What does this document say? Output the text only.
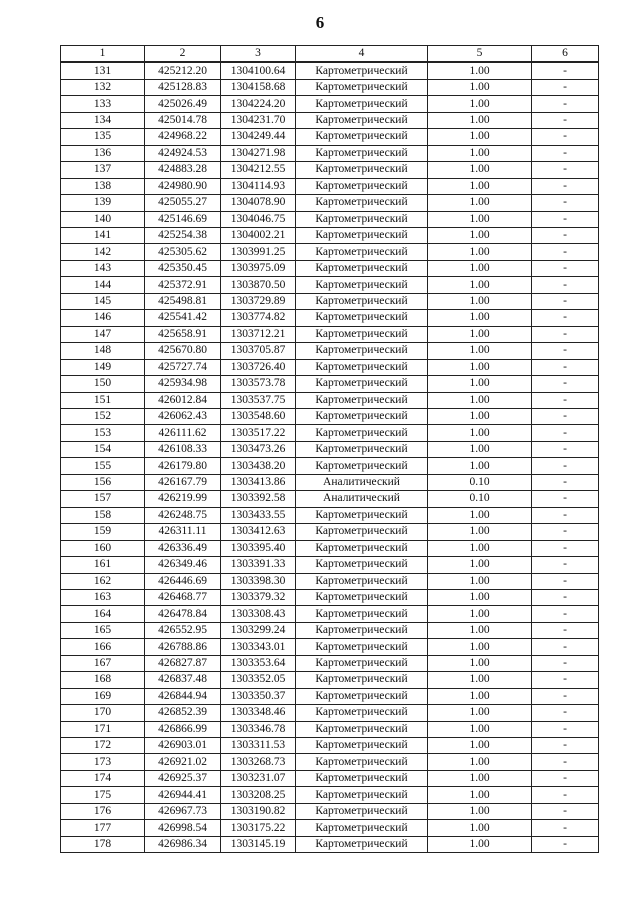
6
1	2	3	4	5	6
131	425212.20	1304100.64	Картометрический	1.00	-
132	425128.83	1304158.68	Картометрический	1.00	-
133	425026.49	1304224.20	Картометрический	1.00	-
134	425014.78	1304231.70	Картометрический	1.00	-
135	424968.22	1304249.44	Картометрический	1.00	-
136	424924.53	1304271.98	Картометрический	1.00	-
137	424883.28	1304212.55	Картометрический	1.00	-
138	424980.90	1304114.93	Картометрический	1.00	-
139	425055.27	1304078.90	Картометрический	1.00	-
140	425146.69	1304046.75	Картометрический	1.00	-
141	425254.38	1304002.21	Картометрический	1.00	-
142	425305.62	1303991.25	Картометрический	1.00	-
143	425350.45	1303975.09	Картометрический	1.00	-
144	425372.91	1303870.50	Картометрический	1.00	-
145	425498.81	1303729.89	Картометрический	1.00	-
146	425541.42	1303774.82	Картометрический	1.00	-
147	425658.91	1303712.21	Картометрический	1.00	-
148	425670.80	1303705.87	Картометрический	1.00	-
149	425727.74	1303726.40	Картометрический	1.00	-
150	425934.98	1303573.78	Картометрический	1.00	-
151	426012.84	1303537.75	Картометрический	1.00	-
152	426062.43	1303548.60	Картометрический	1.00	-
153	426111.62	1303517.22	Картометрический	1.00	-
154	426108.33	1303473.26	Картометрический	1.00	-
155	426179.80	1303438.20	Картометрический	1.00	-
156	426167.79	1303413.86	Аналитический	0.10	-
157	426219.99	1303392.58	Аналитический	0.10	-
158	426248.75	1303433.55	Картометрический	1.00	-
159	426311.11	1303412.63	Картометрический	1.00	-
160	426336.49	1303395.40	Картометрический	1.00	-
161	426349.46	1303391.33	Картометрический	1.00	-
162	426446.69	1303398.30	Картометрический	1.00	-
163	426468.77	1303379.32	Картометрический	1.00	-
164	426478.84	1303308.43	Картометрический	1.00	-
165	426552.95	1303299.24	Картометрический	1.00	-
166	426788.86	1303343.01	Картометрический	1.00	-
167	426827.87	1303353.64	Картометрический	1.00	-
168	426837.48	1303352.05	Картометрический	1.00	-
169	426844.94	1303350.37	Картометрический	1.00	-
170	426852.39	1303348.46	Картометрический	1.00	-
171	426866.99	1303346.78	Картометрический	1.00	-
172	426903.01	1303311.53	Картометрический	1.00	-
173	426921.02	1303268.73	Картометрический	1.00	-
174	426925.37	1303231.07	Картометрический	1.00	-
175	426944.41	1303208.25	Картометрический	1.00	-
176	426967.73	1303190.82	Картометрический	1.00	-
177	426998.54	1303175.22	Картометрический	1.00	-
178	426986.34	1303145.19	Картометрический	1.00	-
